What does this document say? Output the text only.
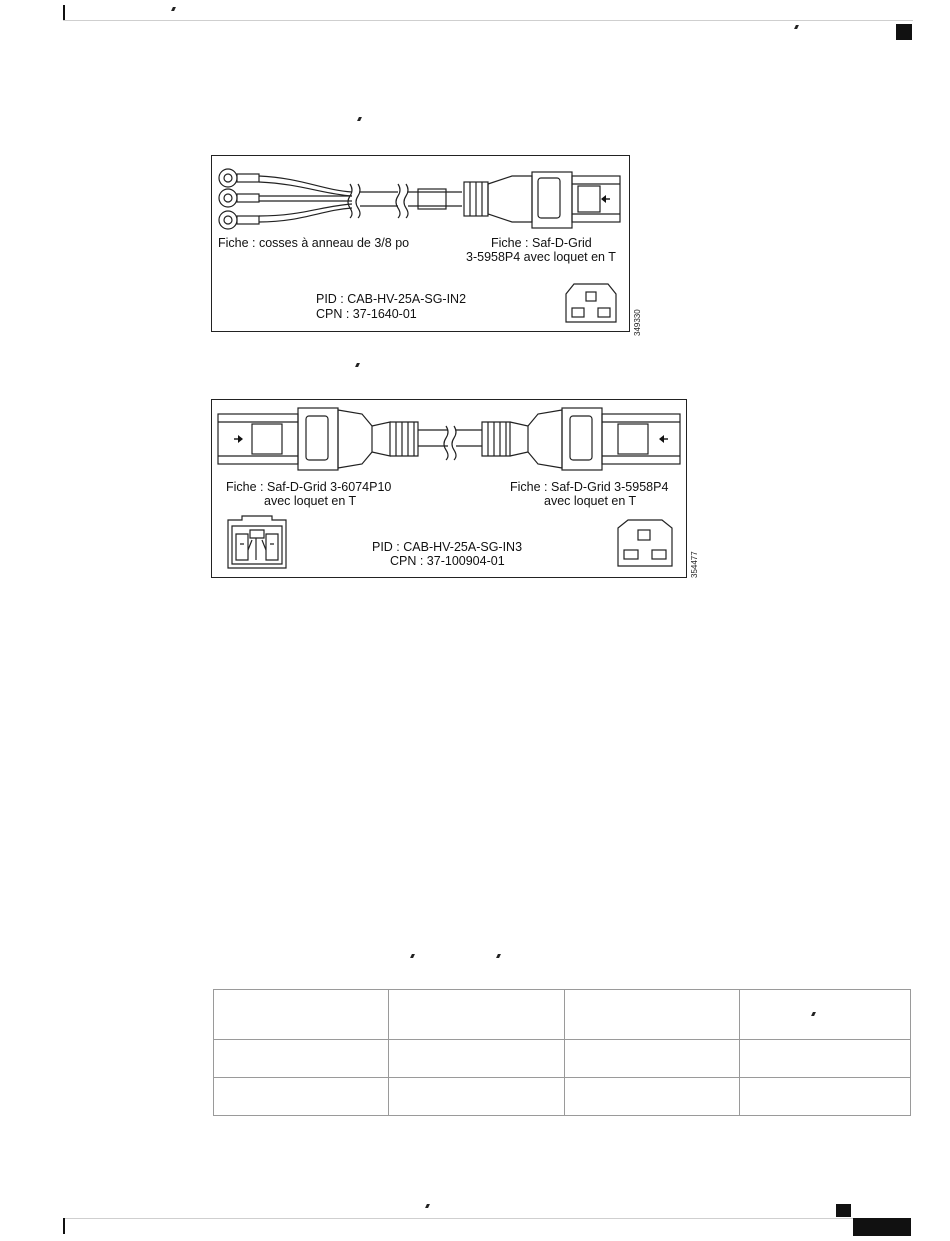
Fiche : cosses à anneau de 3/8 po	Fiche : Saf-D-Grid
3-5958P4 avec loquet en T
PID : CAB-HV-25A-SG-IN2
CPN : 37-1640-01	349330
Fiche : Saf-D-Grid 3-6074P10
avec loquet en T
Fiche : Saf-D-Grid 3-5958P4
avec loquet en T
PID : CAB-HV-25A-SG-IN3
CPN : 37-100904-01	354477
